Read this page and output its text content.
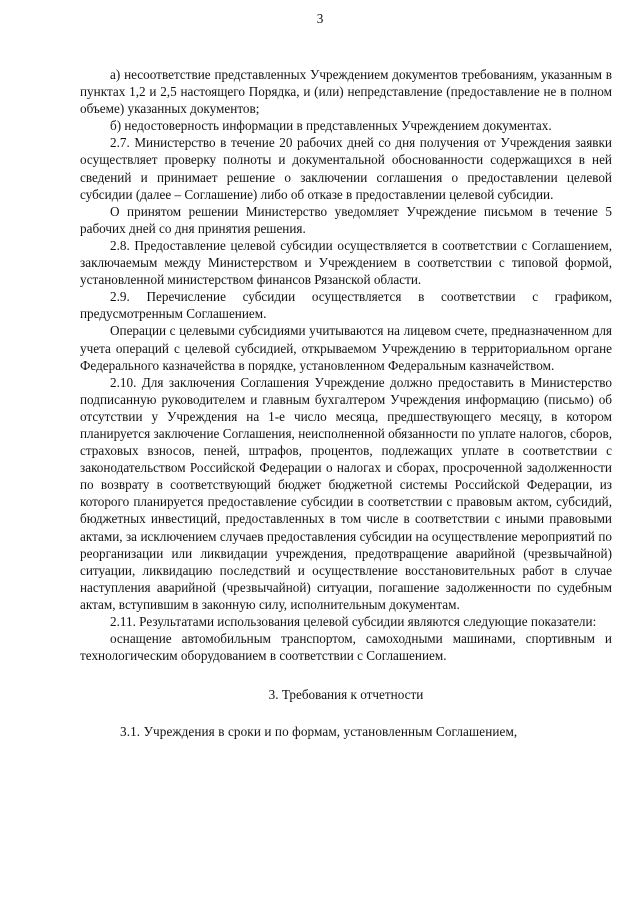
3

а) несоответствие представленных Учреждением документов требованиям, указанным в пунктах 1,2 и 2,5 настоящего Порядка, и (или) непредставление (предоставление не в полном объеме) указанных документов;

б) недостоверность информации в представленных Учреждением документах.

2.7. Министерство в течение 20 рабочих дней со дня получения от Учреждения заявки осуществляет проверку полноты и документальной обоснованности содержащихся в ней сведений и принимает решение о заключении соглашения о предоставлении целевой субсидии (далее – Соглашение) либо об отказе в предоставлении целевой субсидии.

О принятом решении Министерство уведомляет Учреждение письмом в течение 5 рабочих дней со дня принятия решения.

2.8. Предоставление целевой субсидии осуществляется в соответствии с Соглашением, заключаемым между Министерством и Учреждением в соответствии с типовой формой, установленной министерством финансов Рязанской области.

2.9. Перечисление субсидии осуществляется в соответствии с графиком, предусмотренным Соглашением.

Операции с целевыми субсидиями учитываются на лицевом счете, предназначенном для учета операций с целевой субсидией, открываемом Учреждению в территориальном органе Федерального казначейства в порядке, установленном Федеральным казначейством.

2.10. Для заключения Соглашения Учреждение должно предоставить в Министерство подписанную руководителем и главным бухгалтером Учреждения информацию (письмо) об отсутствии у Учреждения на 1-е число месяца, предшествующего месяцу, в котором планируется заключение Соглашения, неисполненной обязанности по уплате налогов, сборов, страховых взносов, пеней, штрафов, процентов, подлежащих уплате в соответствии с законодательством Российской Федерации о налогах и сборах, просроченной задолженности по возврату в соответствующий бюджет бюджетной системы Российской Федерации, из которого планируется предоставление субсидии в соответствии с правовым актом, субсидий, бюджетных инвестиций, предоставленных в том числе в соответствии с иными правовыми актами, за исключением случаев предоставления субсидии на осуществление мероприятий по реорганизации или ликвидации учреждения, предотвращение аварийной (чрезвычайной) ситуации, ликвидацию последствий и осуществление восстановительных работ в случае наступления аварийной (чрезвычайной) ситуации, погашение задолженности по судебным актам, вступившим в законную силу, исполнительным документам.

2.11. Результатами использования целевой субсидии являются следующие показатели:

оснащение автомобильным транспортом, самоходными машинами, спортивным и технологическим оборудованием в соответствии с Соглашением.

3. Требования к отчетности

3.1. Учреждения в сроки и по формам, установленным Соглашением,
